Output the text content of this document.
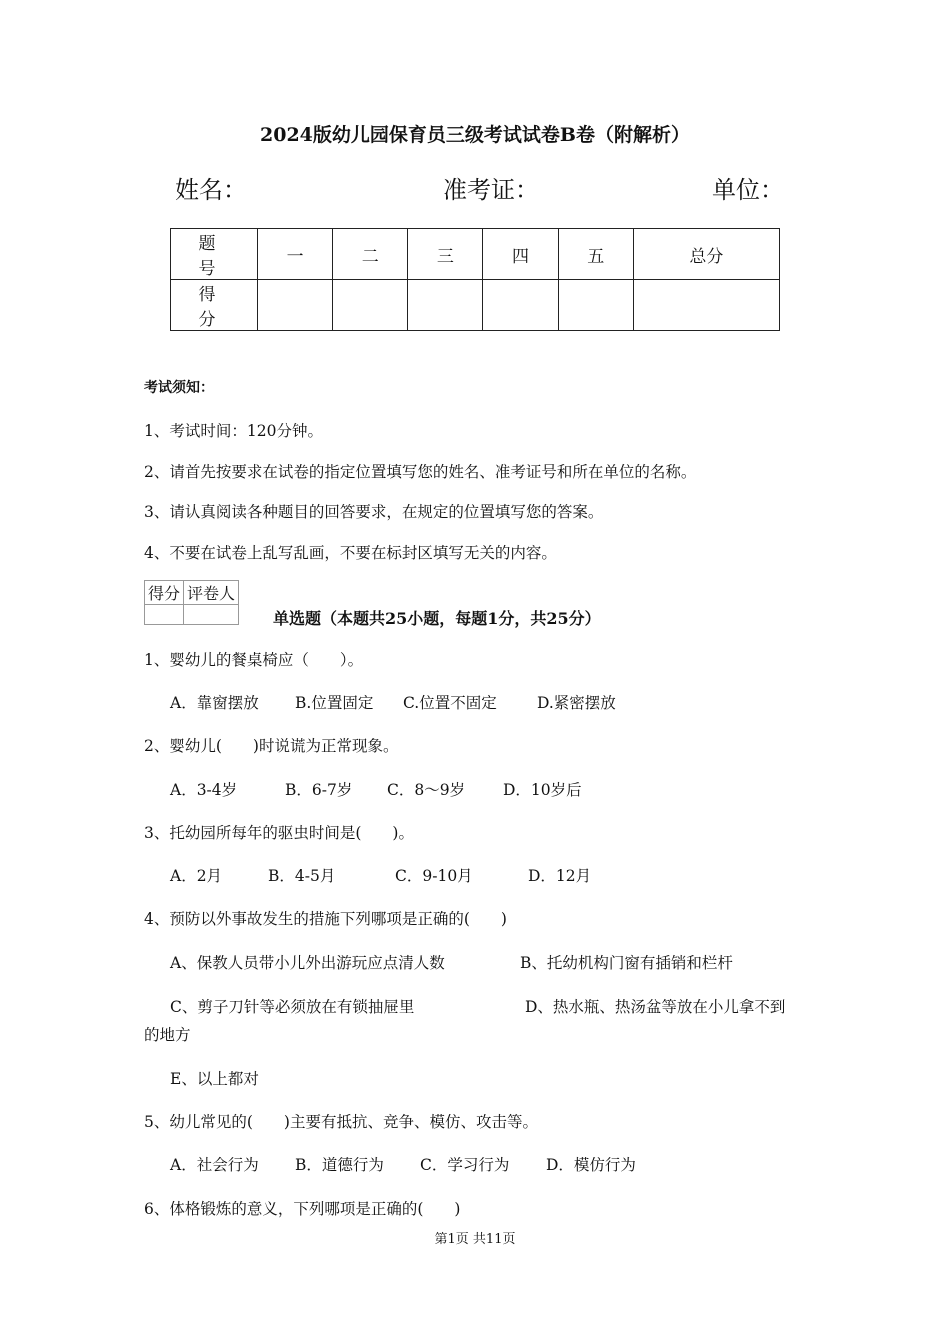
2024版幼儿园保育员三级考试试卷B卷（附解析）
姓名：	准考证：	单位：
题　号	一	二	三	四	五	总分
得　分						
考试须知：
1、考试时间：120分钟。
2、请首先按要求在试卷的指定位置填写您的姓名、准考证号和所在单位的名称。
3、请认真阅读各种题目的回答要求，在规定的位置填写您的答案。
4、不要在试卷上乱写乱画，不要在标封区填写无关的内容。
得分	评卷人

单选题（本题共25小题，每题1分，共25分）
1、婴幼儿的餐桌椅应（　　）。
A．靠窗摆放 B.位置固定 C.位置不固定	D.紧密摆放
2、婴幼儿(　　)时说谎为正常现象。
A．3-4岁	B．6-7岁 C．8～9岁 D．10岁后
3、托幼园所每年的驱虫时间是(　　)。
A．2月	B．4-5月	C．9-10月	D．12月
4、预防以外事故发生的措施下列哪项是正确的(　　)
A、保教人员带小儿外出游玩应点清人数	B、托幼机构门窗有插销和栏杆
C、剪子刀针等必须放在有锁抽屉里	D、热水瓶、热汤盆等放在小儿拿不到
的地方
E、以上都对
5、幼儿常见的(　　)主要有抵抗、竞争、模仿、攻击等。
A．社会行为 B．道德行为 C．学习行为 D．模仿行为
6、体格锻炼的意义，下列哪项是正确的(　　)
第1页 共11页
